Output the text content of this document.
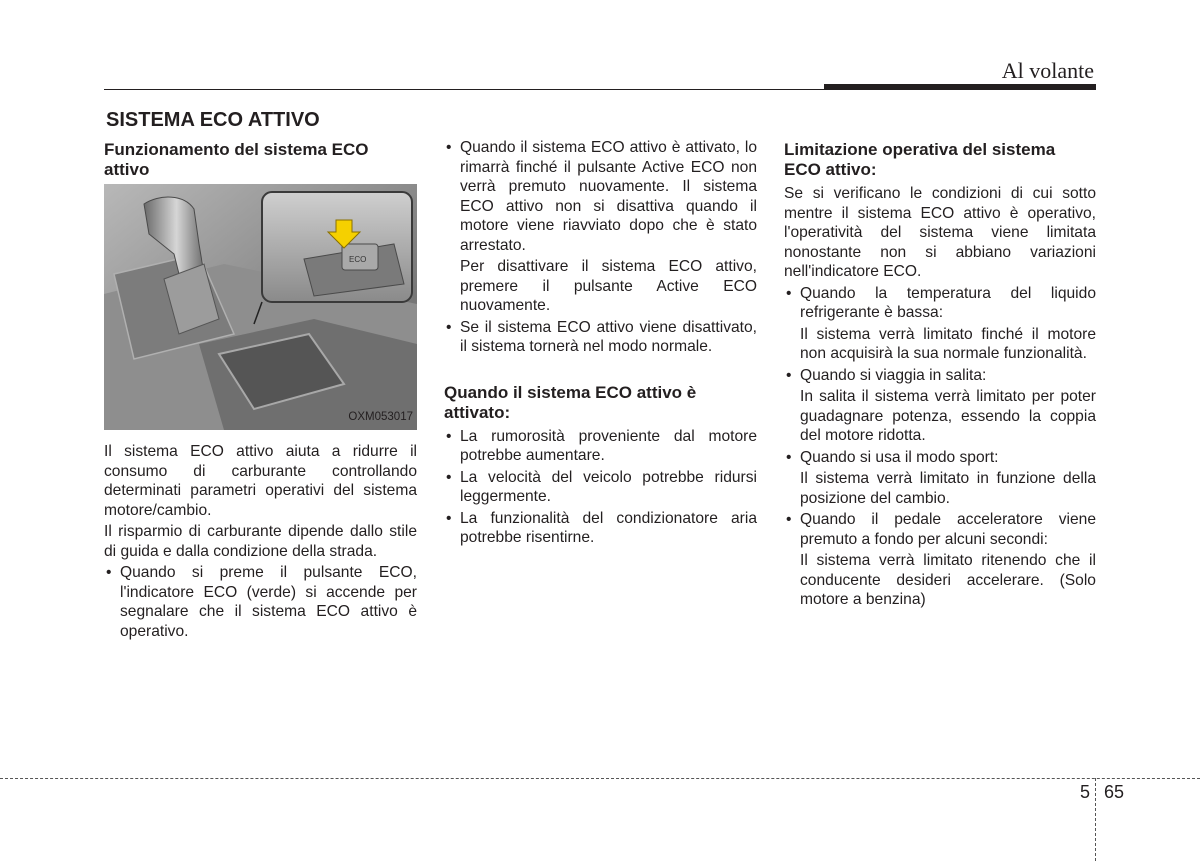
Al volante
SISTEMA ECO ATTIVO
Funzionamento del sistema ECO attivo
ECO
OXM053017
Il sistema ECO attivo aiuta a ridurre il consumo di carburante controllando determinati parametri operativi del sistema motore/cambio.
Il risparmio di carburante dipende dallo stile di guida e dalla condizione della strada.
• Quando si preme il pulsante ECO, l'indicatore ECO (verde) si accende per segnalare che il sistema ECO attivo è operativo.
• Quando il sistema ECO attivo è attivato, lo rimarrà finché il pulsante Active ECO non verrà premuto nuovamente. Il sistema ECO attivo non si disattiva quando il motore viene riavviato dopo che è stato arrestato.
Per disattivare il sistema ECO attivo, premere il pulsante Active ECO nuovamente.
• Se il sistema ECO attivo viene disattivato, il sistema tornerà nel modo normale.
Quando il sistema ECO attivo è attivato:
• La rumorosità proveniente dal motore potrebbe aumentare.
• La velocità del veicolo potrebbe ridursi leggermente.
• La funzionalità del condizionatore aria potrebbe risentirne.
Limitazione operativa del sistema ECO attivo:
Se si verificano le condizioni di cui sotto mentre il sistema ECO attivo è operativo, l'operatività del sistema viene limitata nonostante non si abbiano variazioni nell'indicatore ECO.
• Quando la temperatura del liquido refrigerante è bassa:
Il sistema verrà limitato finché il motore non acquisirà la sua normale funzionalità.
• Quando si viaggia in salita:
In salita il sistema verrà limitato per poter guadagnare potenza, essendo la coppia del motore ridotta.
• Quando si usa il modo sport:
Il sistema verrà limitato in funzione della posizione del cambio.
• Quando il pedale acceleratore viene premuto a fondo per alcuni secondi:
Il sistema verrà limitato ritenendo che il conducente desideri accelerare. (Solo motore a benzina)
5 65
